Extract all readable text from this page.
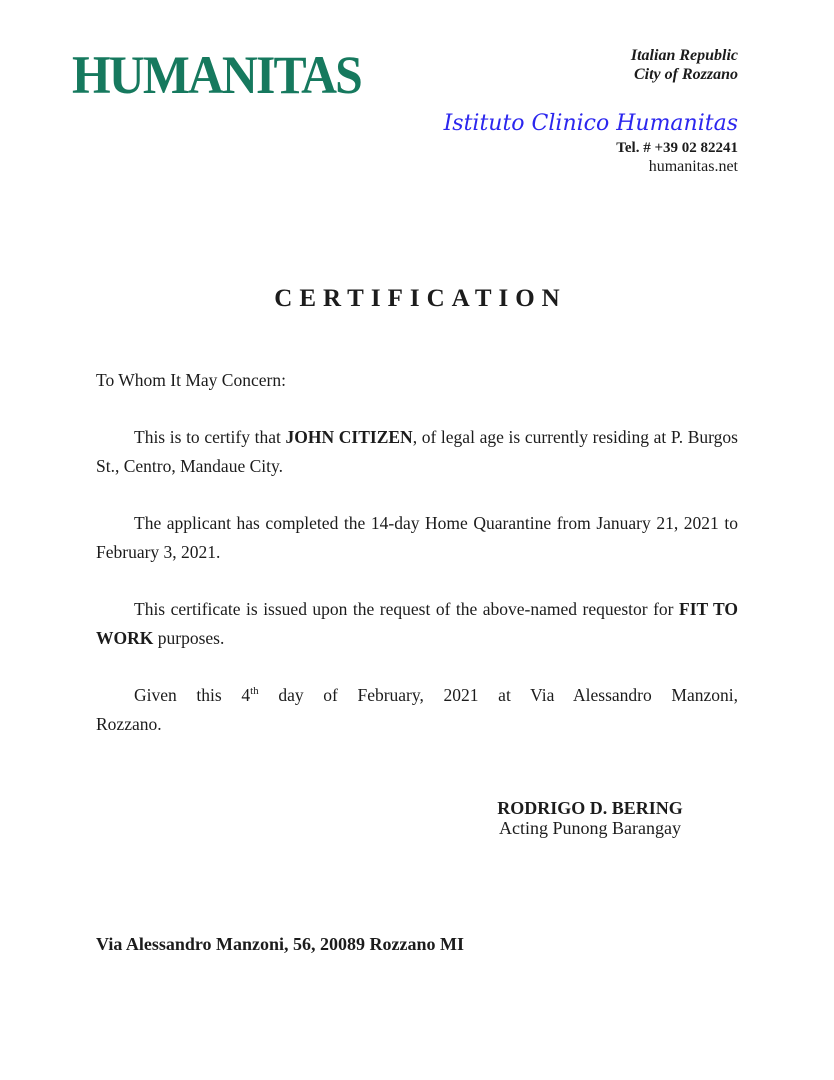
HUMANITAS	Italian Republic
City of Rozzano
Istituto Clinico Humanitas
Tel. # +39 02 82241
humanitas.net
CERTIFICATION
To Whom It May Concern:
This is to certify that JOHN CITIZEN, of legal age is currently residing at P. Burgos St., Centro, Mandaue City.
The applicant has completed the 14-day Home Quarantine from January 21, 2021 to February 3, 2021.
This certificate is issued upon the request of the above-named requestor for FIT TO WORK purposes.
Given this 4th day of February, 2021 at Via Alessandro Manzoni,
Rozzano.
RODRIGO D. BERING
Acting Punong Barangay
Via Alessandro Manzoni, 56, 20089 Rozzano MI
